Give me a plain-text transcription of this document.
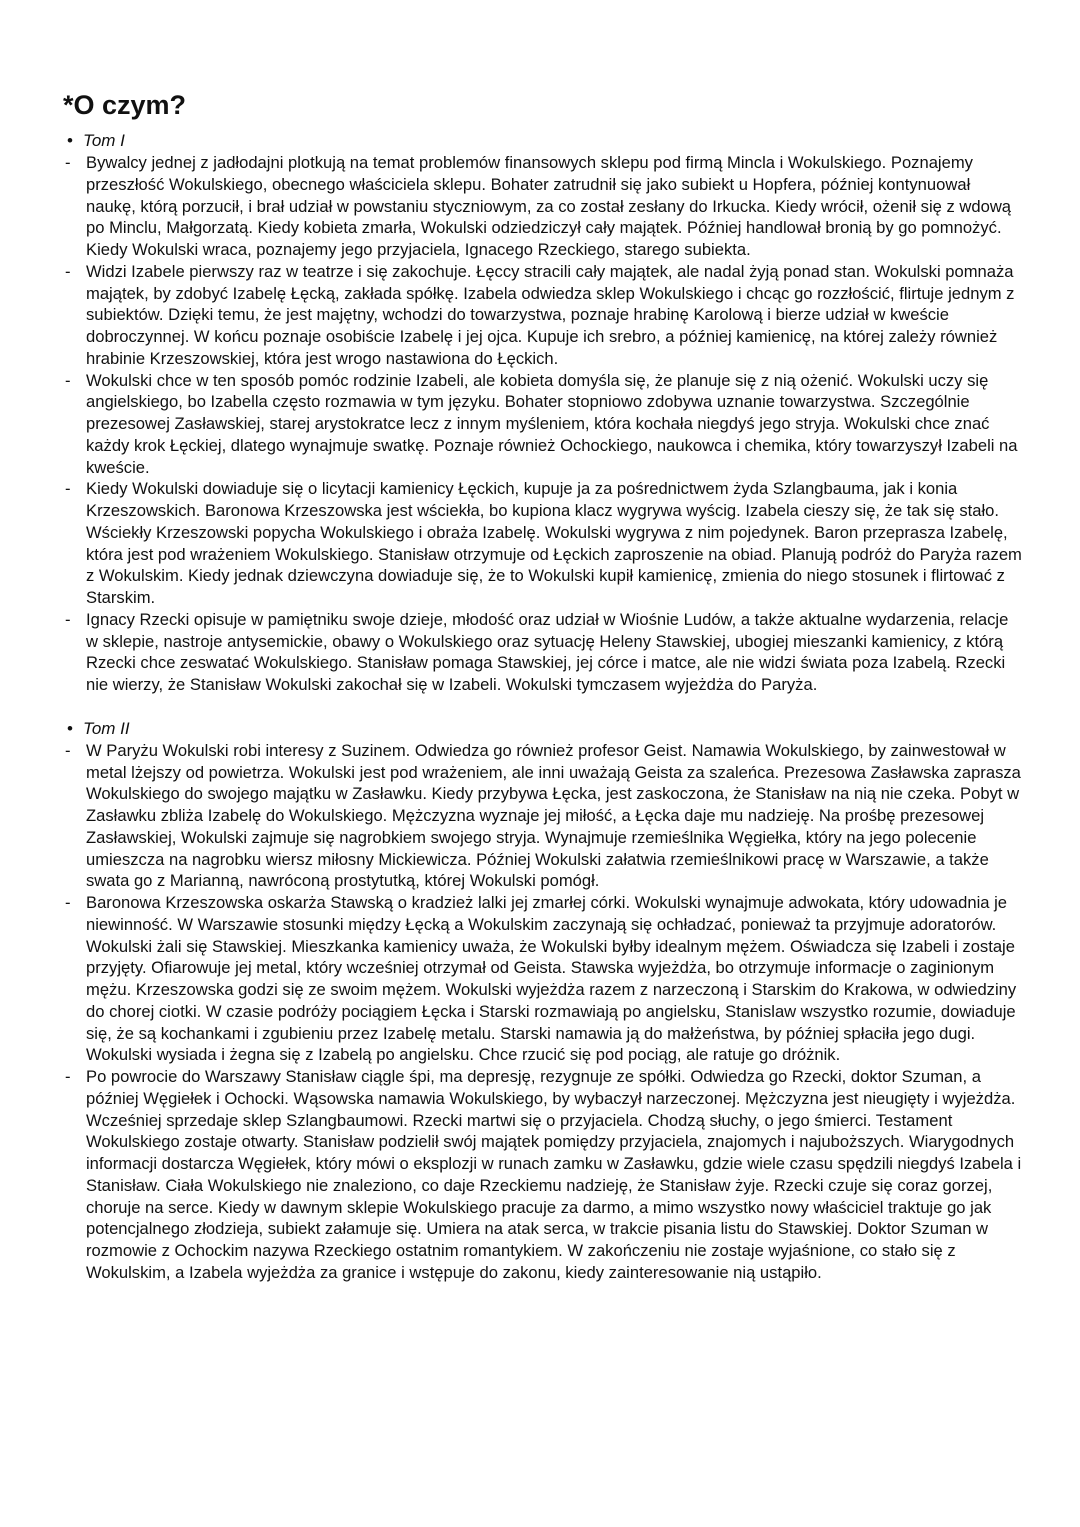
*O czym?
• Tom I

- Bywalcy jednej z jadłodajni plotkują na temat problemów finansowych sklepu pod firmą Mincla i Wokulskiego. Poznajemy przeszłość Wokulskiego, obecnego właściciela sklepu. Bohater zatrudnił się jako subiekt u Hopfera, później kontynuował naukę, którą porzucił, i brał udział w powstaniu styczniowym, za co został zesłany do Irkucka. Kiedy wrócił, ożenił się z wdową po Minclu, Małgorzatą. Kiedy kobieta zmarła, Wokulski odziedziczył cały majątek. Później handlował bronią by go pomnożyć. Kiedy Wokulski wraca, poznajemy jego przyjaciela, Ignacego Rzeckiego, starego subiekta.

- Widzi Izabele pierwszy raz w teatrze i się zakochuje. Łęccy stracili cały majątek, ale nadal żyją ponad stan. Wokulski pomnaża majątek, by zdobyć Izabelę Łęcką, zakłada spółkę. Izabela odwiedza sklep Wokulskiego i chcąc go rozzłościć, flirtuje jednym z subiektów. Dzięki temu, że jest majętny, wchodzi do towarzystwa, poznaje hrabinę Karolową i bierze udział w kweście dobroczynnej. W końcu poznaje osobiście Izabelę i jej ojca. Kupuje ich srebro, a później kamienicę, na której zależy również hrabinie Krzeszowskiej, która jest wrogo nastawiona do Łęckich.

- Wokulski chce w ten sposób pomóc rodzinie Izabeli, ale kobieta domyśla się, że planuje się z nią ożenić. Wokulski uczy się angielskiego, bo Izabella często rozmawia w tym języku. Bohater stopniowo zdobywa uznanie towarzystwa. Szczególnie prezesowej Zasławskiej, starej arystokratce lecz z innym myśleniem, która kochała niegdyś jego stryja. Wokulski chce znać każdy krok Łęckiej, dlatego wynajmuje swatkę. Poznaje również Ochockiego, naukowca i chemika, który towarzyszył Izabeli na kweście.

- Kiedy Wokulski dowiaduje się o licytacji kamienicy Łęckich, kupuje ja za pośrednictwem żyda Szlangbauma, jak i konia Krzeszowskich. Baronowa Krzeszowska jest wściekła, bo kupiona klacz wygrywa wyścig. Izabela cieszy się, że tak się stało. Wściekły Krzeszowski popycha Wokulskiego i obraża Izabelę. Wokulski wygrywa z nim pojedynek. Baron przeprasza Izabelę, która jest pod wrażeniem Wokulskiego. Stanisław otrzymuje od Łęckich zaproszenie na obiad. Planują podróż do Paryża razem z Wokulskim. Kiedy jednak dziewczyna dowiaduje się, że to Wokulski kupił kamienicę, zmienia do niego stosunek i flirtować z Starskim.

- Ignacy Rzecki opisuje w pamiętniku swoje dzieje, młodość oraz udział w Wiośnie Ludów, a także aktualne wydarzenia, relacje w sklepie, nastroje antysemickie, obawy o Wokulskiego oraz sytuację Heleny Stawskiej, ubogiej mieszanki kamienicy, z którą Rzecki chce zeswatać Wokulskiego. Stanisław pomaga Stawskiej, jej córce i matce, ale nie widzi świata poza Izabelą. Rzecki nie wierzy, że Stanisław Wokulski zakochał się w Izabeli. Wokulski tymczasem wyjeżdża do Paryża.

• Tom II

- W Paryżu Wokulski robi interesy z Suzinem. Odwiedza go również profesor Geist. Namawia Wokulskiego, by zainwestował w metal lżejszy od powietrza. Wokulski jest pod wrażeniem, ale inni uważają Geista za szaleńca. Prezesowa Zasławska zaprasza Wokulskiego do swojego majątku w Zasławku. Kiedy przybywa Łęcka, jest zaskoczona, że Stanisław na nią nie czeka. Pobyt w Zasławku zbliża Izabelę do Wokulskiego. Mężczyzna wyznaje jej miłość, a Łęcka daje mu nadzieję. Na prośbę prezesowej Zasławskiej, Wokulski zajmuje się nagrobkiem swojego stryja. Wynajmuje rzemieślnika Węgiełka, który na jego polecenie umieszcza na nagrobku wiersz miłosny Mickiewicza. Później Wokulski załatwia rzemieślnikowi pracę w Warszawie, a także swata go z Marianną, nawróconą prostytutką, której Wokulski pomógł.

- Baronowa Krzeszowska oskarża Stawską o kradzież lalki jej zmarłej córki. Wokulski wynajmuje adwokata, który udowadnia je niewinność. W Warszawie stosunki między Łęcką a Wokulskim zaczynają się ochładzać, ponieważ ta przyjmuje adoratorów. Wokulski żali się Stawskiej. Mieszkanka kamienicy uważa, że Wokulski byłby idealnym mężem. Oświadcza się Izabeli i zostaje przyjęty. Ofiarowuje jej metal, który wcześniej otrzymał od Geista. Stawska wyjeżdża, bo otrzymuje informacje o zaginionym mężu. Krzeszowska godzi się ze swoim mężem. Wokulski wyjeżdża razem z narzeczoną i Starskim do Krakowa, w odwiedziny do chorej ciotki. W czasie podróży pociągiem Łęcka i Starski rozmawiają po angielsku, Stanislaw wszystko rozumie, dowiaduje się, że są kochankami i zgubieniu przez Izabelę metalu. Starski namawia ją do małżeństwa, by później spłaciła jego dugi. Wokulski wysiada i żegna się z Izabelą po angielsku. Chce rzucić się pod pociąg, ale ratuje go dróżnik.

- Po powrocie do Warszawy Stanisław ciągle śpi, ma depresję, rezygnuje ze spółki. Odwiedza go Rzecki, doktor Szuman, a później Węgiełek i Ochocki. Wąsowska namawia Wokulskiego, by wybaczył narzeczonej. Mężczyzna jest nieugięty i wyjeżdża. Wcześniej sprzedaje sklep Szlangbaumowi. Rzecki martwi się o przyjaciela. Chodzą słuchy, o jego śmierci. Testament Wokulskiego zostaje otwarty. Stanisław podzielił swój majątek pomiędzy przyjaciela, znajomych i najuboższych. Wiarygodnych informacji dostarcza Węgiełek, który mówi o eksplozji w runach zamku w Zasławku, gdzie wiele czasu spędzili niegdyś Izabela i Stanisław. Ciała Wokulskiego nie znaleziono, co daje Rzeckiemu nadzieję, że Stanisław żyje. Rzecki czuje się coraz gorzej, choruje na serce. Kiedy w dawnym sklepie Wokulskiego pracuje za darmo, a mimo wszystko nowy właściciel traktuje go jak potencjalnego złodzieja, subiekt załamuje się. Umiera na atak serca, w trakcie pisania listu do Stawskiej. Doktor Szuman w rozmowie z Ochockim nazywa Rzeckiego ostatnim romantykiem. W zakończeniu nie zostaje wyjaśnione, co stało się z Wokulskim, a Izabela wyjeżdża za granice i wstępuje do zakonu, kiedy zainteresowanie nią ustąpiło.
